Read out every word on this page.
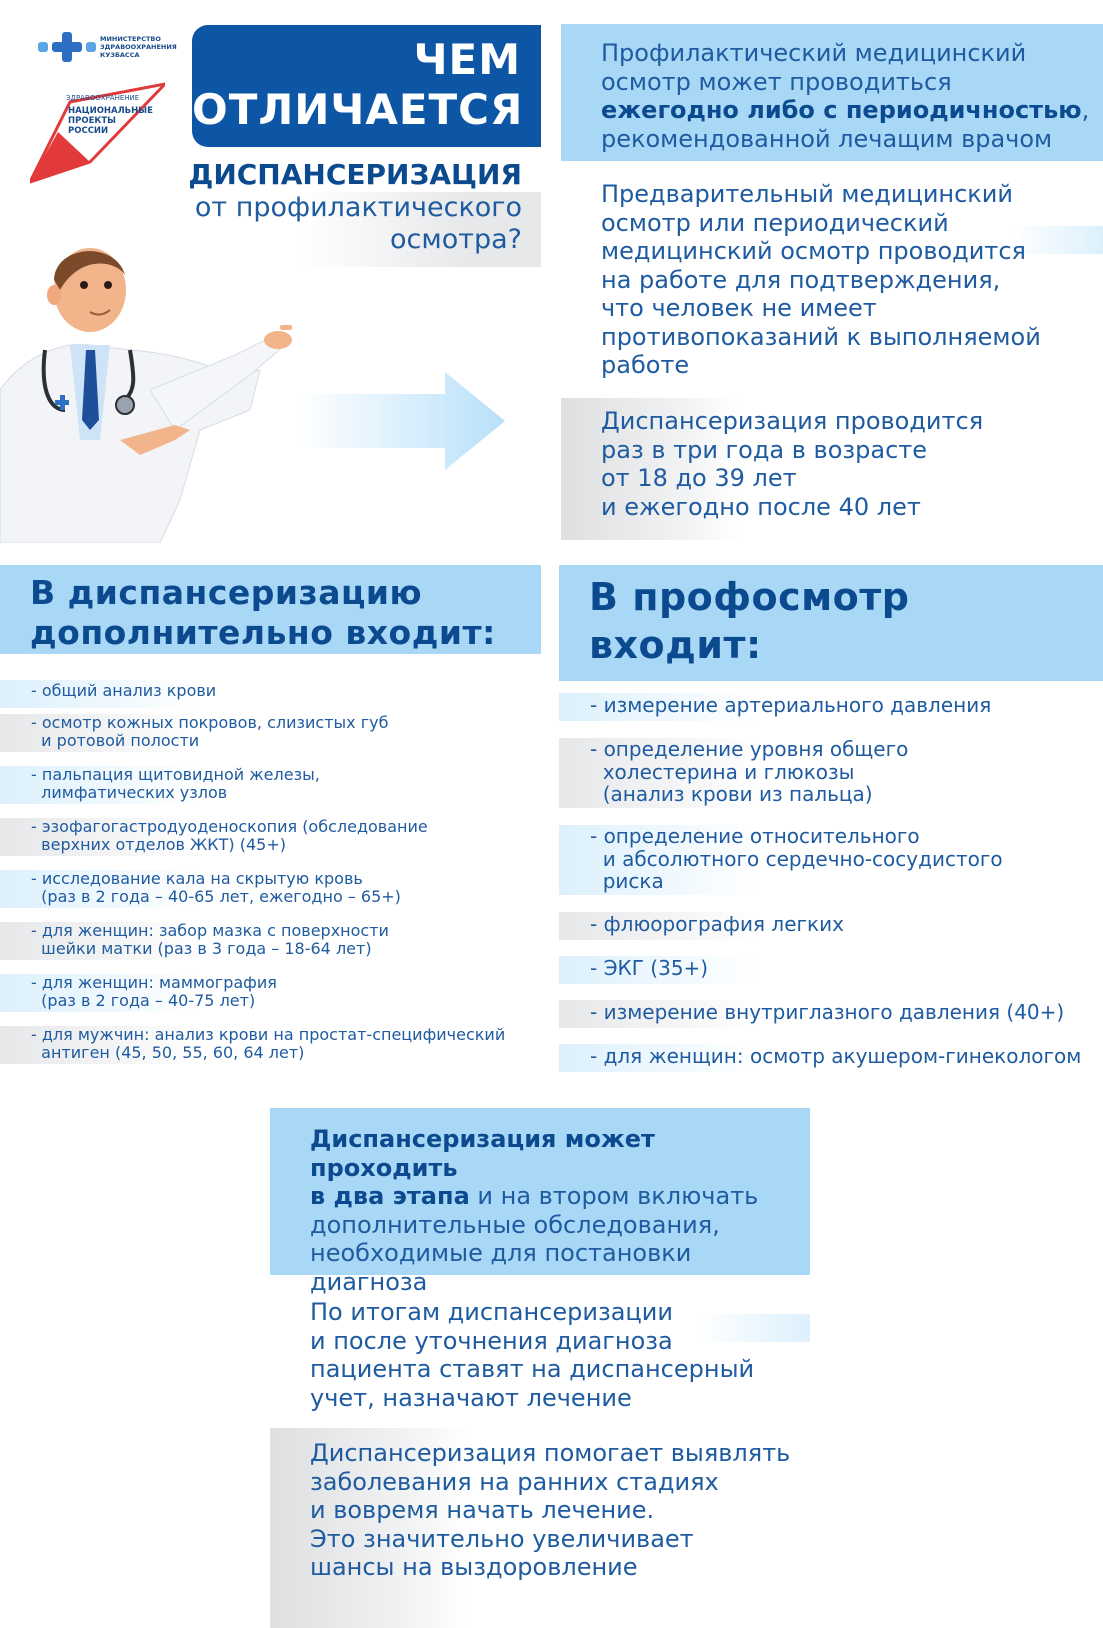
МИНИСТЕРСТВО ЗДРАВООХРАНЕНИЯ КУЗБАССА
ЗДРАВООХРАНЕНИЕ
НАЦИОНАЛЬНЫЕ ПРОЕКТЫ РОССИИ
ЧЕМ
ОТЛИЧАЕТСЯ
ДИСПАНСЕРИЗАЦИЯ
от профилактического
осмотра?
Профилактический медицинский
осмотр может проводиться
ежегодно либо с периодичностью,
рекомендованной лечащим врачом
Предварительный медицинский
осмотр или периодический
медицинский осмотр проводится
на работе для подтверждения,
что человек не имеет
противопоказаний к выполняемой
работе
Диспансеризация проводится
раз в три года в возрасте
от 18 до 39 лет
и ежегодно после 40 лет
В диспансеризацию
дополнительно входит:
В профосмотр
входит:
- общий анализ крови
- осмотр кожных покровов, слизистых губ
и ротовой полости
- пальпация щитовидной железы,
лимфатических узлов
- эзофагогастродуоденоскопия (обследование
верхних отделов ЖКТ) (45+)
- исследование кала на скрытую кровь
(раз в 2 года – 40-65 лет, ежегодно – 65+)
- для женщин: забор мазка с поверхности
шейки матки (раз в 3 года – 18-64 лет)
- для женщин: маммография
(раз в 2 года – 40-75 лет)
- для мужчин: анализ крови на простат-специфический
антиген (45, 50, 55, 60, 64 лет)
- измерение артериального давления
- определение уровня общего
холестерина и глюкозы
(анализ крови из пальца)
- определение относительного
и абсолютного сердечно-сосудистого
риска
- флюорография легких
- ЭКГ (35+)
- измерение внутриглазного давления (40+)
- для женщин: осмотр акушером-гинекологом
Диспансеризация может проходить
в два этапа и на втором включать
дополнительные обследования,
необходимые для постановки
диагноза
По итогам диспансеризации
и после уточнения диагноза
пациента ставят на диспансерный
учет, назначают лечение
Диспансеризация помогает выявлять
заболевания на ранних стадиях
и вовремя начать лечение.
Это значительно увеличивает
шансы на выздоровление
